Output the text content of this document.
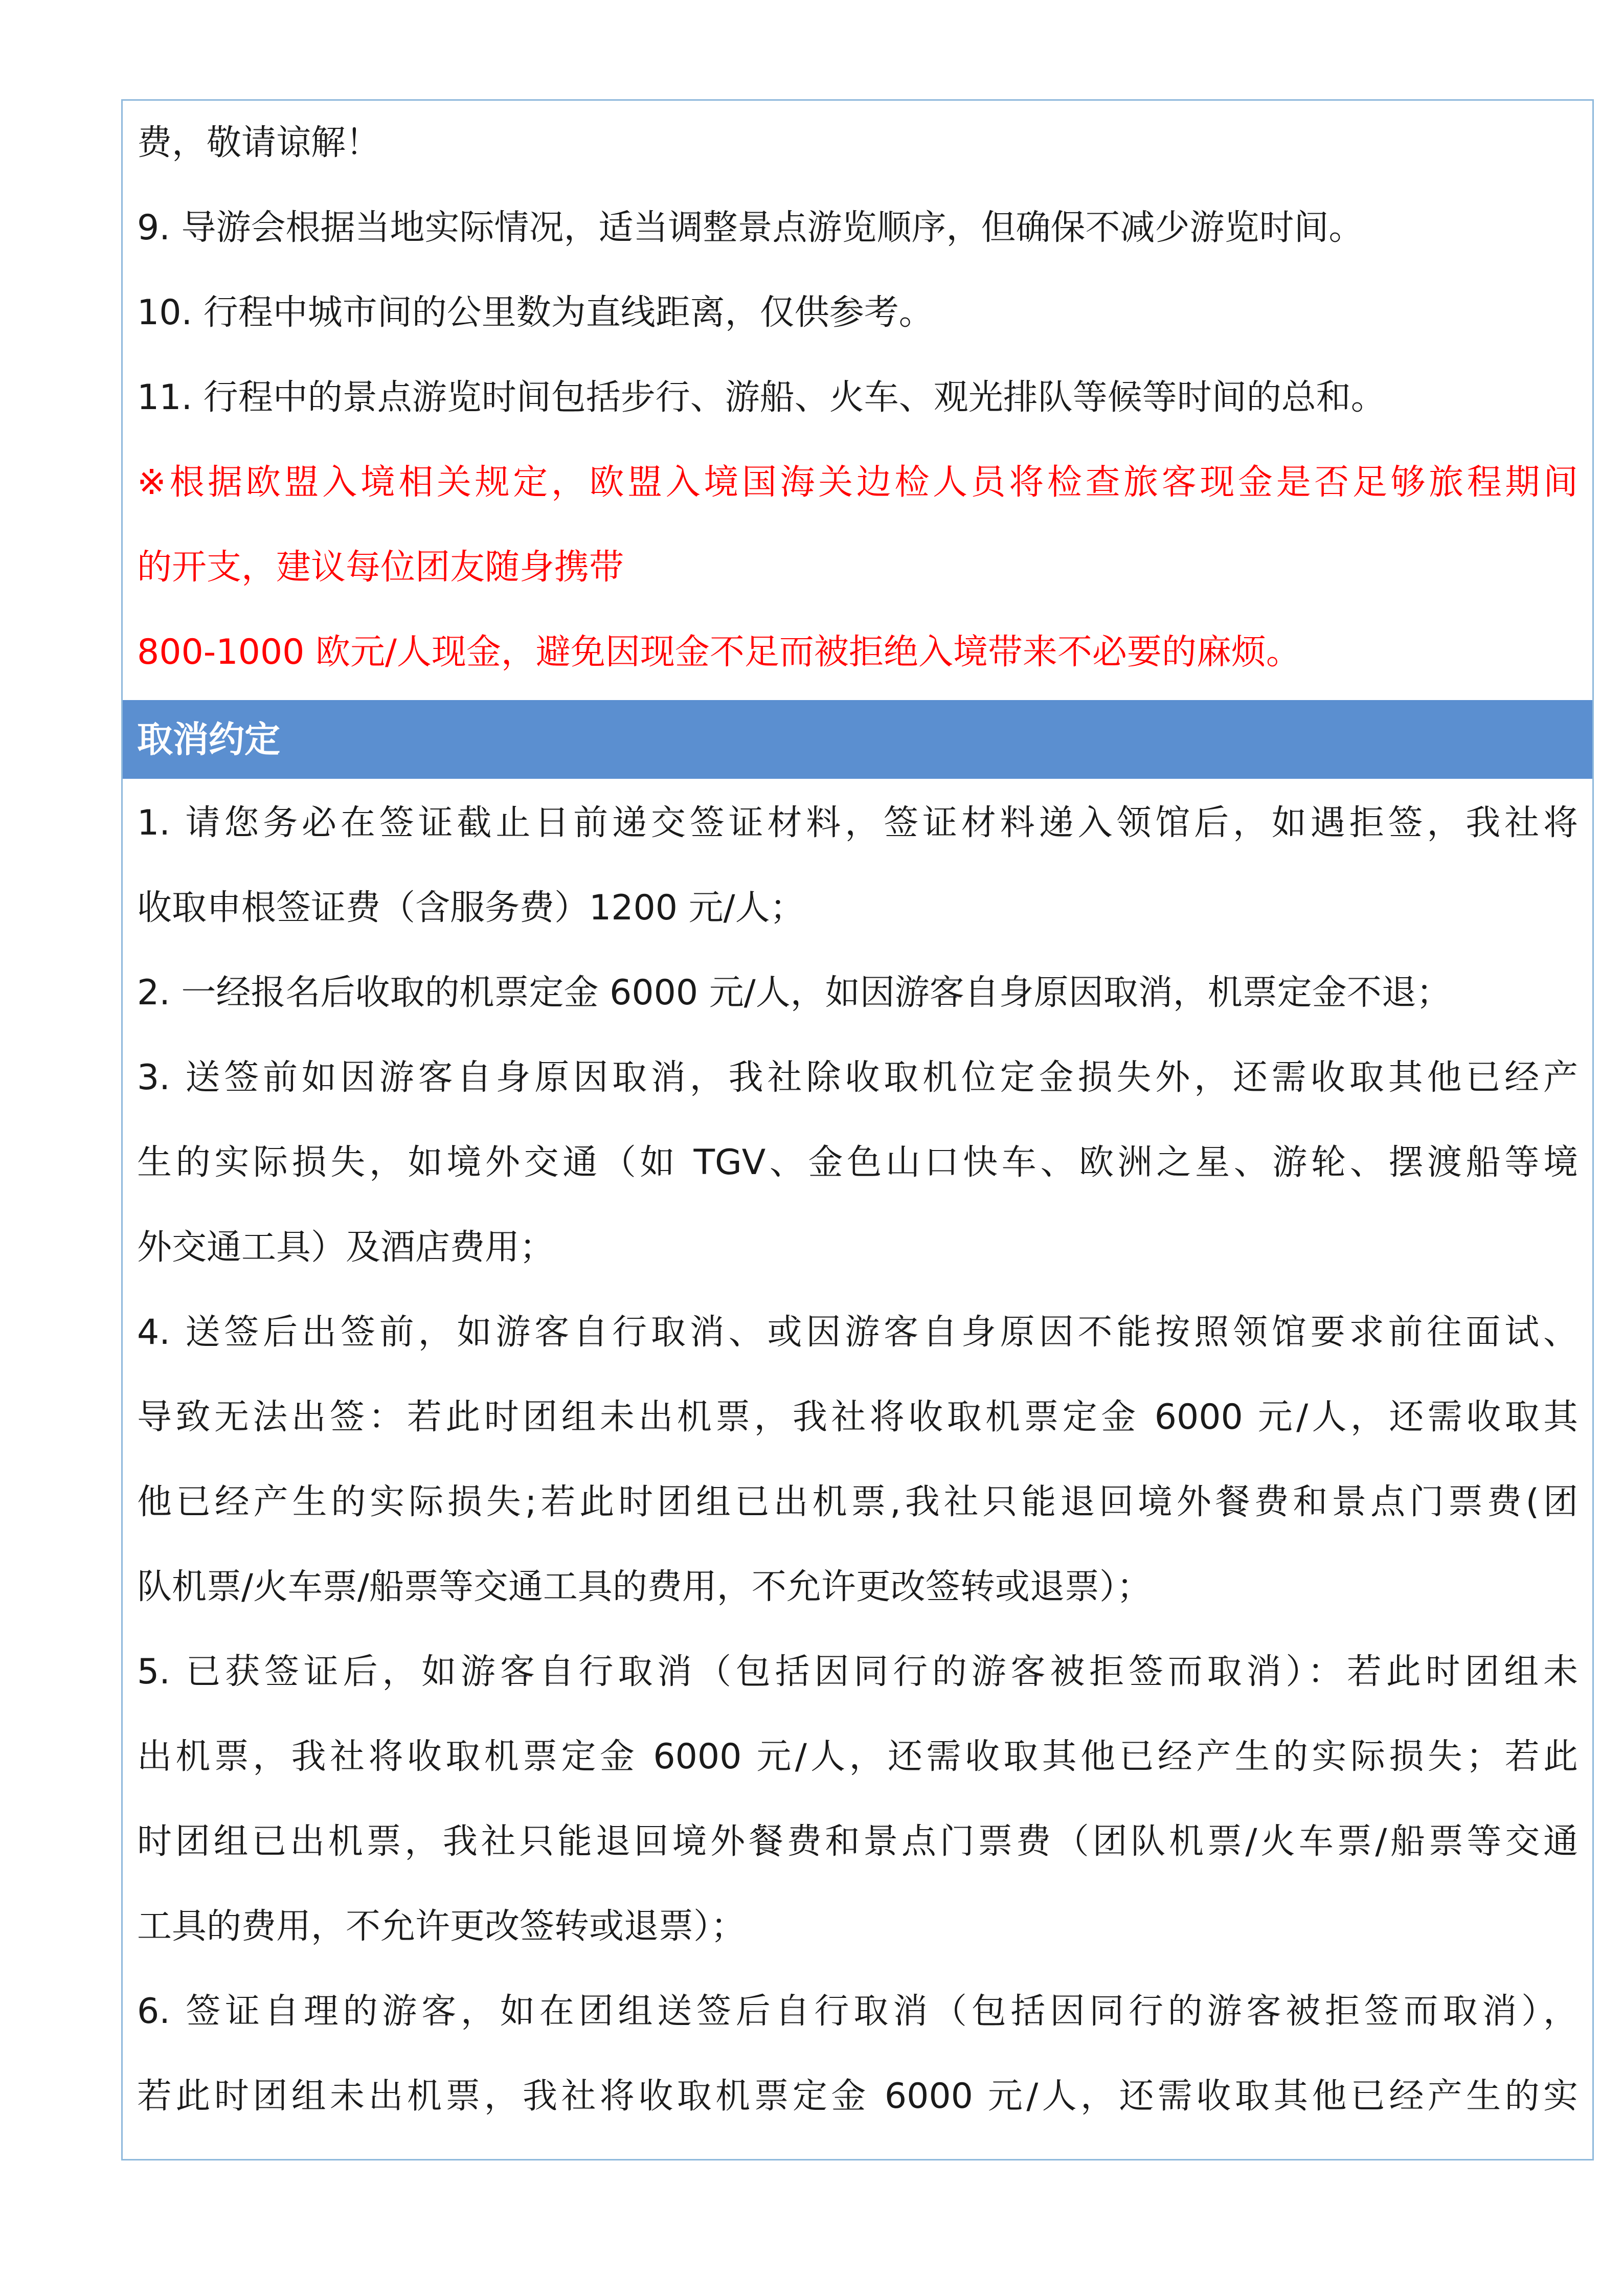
费，敬请谅解！
9. 导游会根据当地实际情况，适当调整景点游览顺序，但确保不减少游览时间。
10. 行程中城市间的公里数为直线距离，仅供参考。
11. 行程中的景点游览时间包括步行、游船、火车、观光排队等候等时间的总和。
※根据欧盟入境相关规定，欧盟入境国海关边检人员将检查旅客现金是否足够旅程期间
的开支，建议每位团友随身携带
800-1000 欧元/人现金，避免因现金不足而被拒绝入境带来不必要的麻烦。
取消约定
1. 请您务必在签证截止日前递交签证材料，签证材料递入领馆后，如遇拒签，我社将
收取申根签证费（含服务费）1200 元/人；
2. 一经报名后收取的机票定金 6000 元/人，如因游客自身原因取消，机票定金不退；
3. 送签前如因游客自身原因取消，我社除收取机位定金损失外，还需收取其他已经产
生的实际损失，如境外交通（如 TGV、金色山口快车、欧洲之星、游轮、摆渡船等境
外交通工具）及酒店费用；
4. 送签后出签前，如游客自行取消、或因游客自身原因不能按照领馆要求前往面试、
导致无法出签：若此时团组未出机票，我社将收取机票定金 6000 元/人，还需收取其
他已经产生的实际损失;若此时团组已出机票,我社只能退回境外餐费和景点门票费(团
队机票/火车票/船票等交通工具的费用，不允许更改签转或退票）；
5. 已获签证后，如游客自行取消（包括因同行的游客被拒签而取消）：若此时团组未
出机票，我社将收取机票定金 6000 元/人，还需收取其他已经产生的实际损失；若此
时团组已出机票，我社只能退回境外餐费和景点门票费（团队机票/火车票/船票等交通
工具的费用，不允许更改签转或退票）；
6. 签证自理的游客，如在团组送签后自行取消（包括因同行的游客被拒签而取消），
若此时团组未出机票，我社将收取机票定金 6000 元/人，还需收取其他已经产生的实
